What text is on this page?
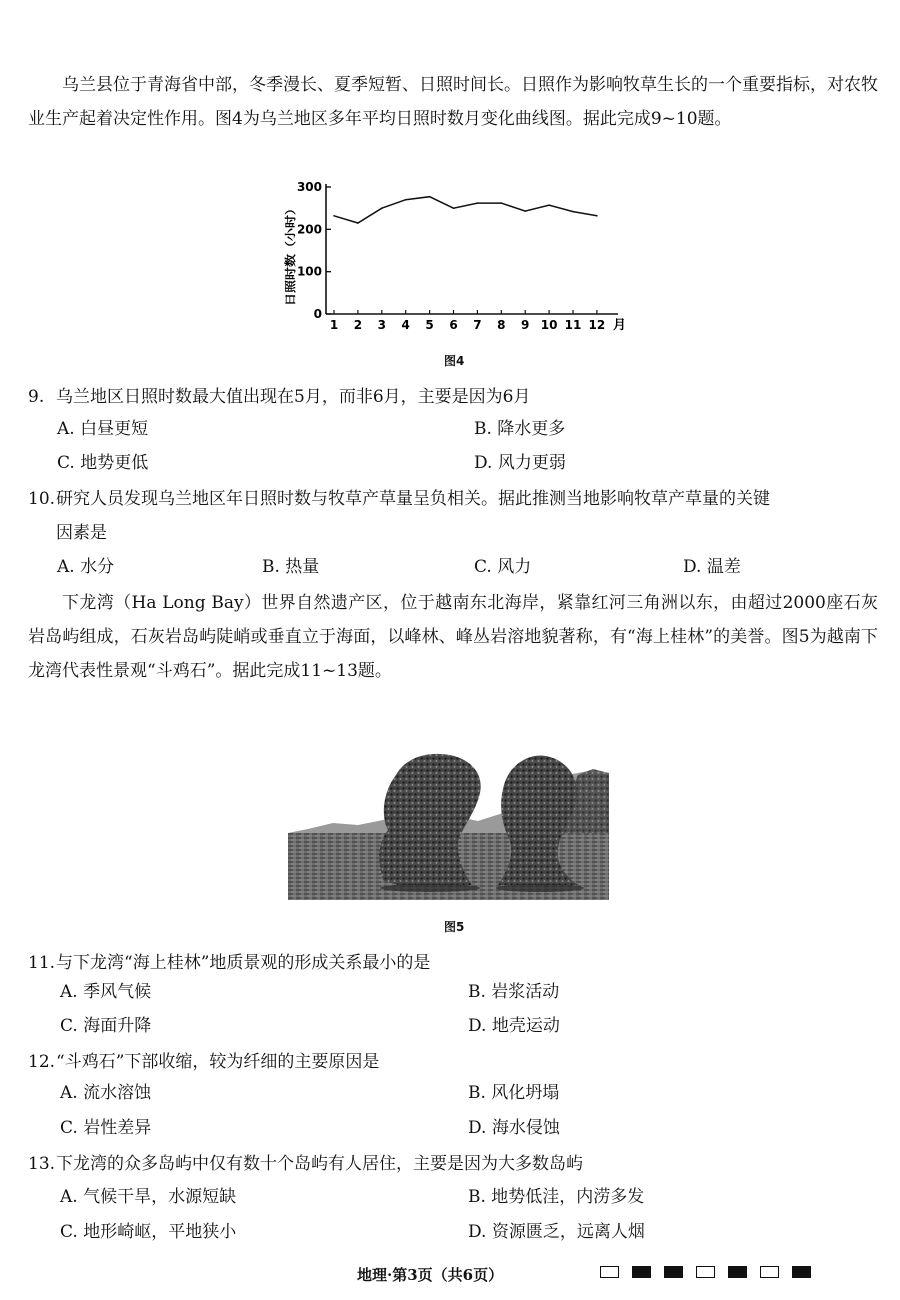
乌兰县位于青海省中部，冬季漫长、夏季短暂、日照时间长。日照作为影响牧草生长的一个重要指标，对农牧业生产起着决定性作用。图4为乌兰地区多年平均日照时数月变化曲线图。据此完成9~10题。

日照时数（小时）
0
100
200
300
1 2 3 4 5 6 7 8 9 10 11 12 月
图4

9. 乌兰地区日照时数最大值出现在5月，而非6月，主要是因为6月

A. 白昼更短	B. 降水更多

C. 地势更低	D. 风力更弱

10.研究人员发现乌兰地区年日照时数与牧草产草量呈负相关。据此推测当地影响牧草产草量的关键
因素是

A. 水分	B. 热量	C. 风力	D. 温差

下龙湾（Ha Long Bay）世界自然遗产区，位于越南东北海岸，紧靠红河三角洲以东，由超过2000座石灰岩岛屿组成，石灰岩岛屿陡峭或垂直立于海面，以峰林、峰丛岩溶地貌著称，有“海上桂林”的美誉。图5为越南下龙湾代表性景观“斗鸡石”。据此完成11~13题。

图5

11.与下龙湾“海上桂林”地质景观的形成关系最小的是

A. 季风气候	B. 岩浆活动

C. 海面升降	D. 地壳运动

12.“斗鸡石”下部收缩，较为纤细的主要原因是

A. 流水溶蚀	B. 风化坍塌

C. 岩性差异	D. 海水侵蚀

13.下龙湾的众多岛屿中仅有数十个岛屿有人居住，主要是因为大多数岛屿

A. 气候干旱，水源短缺	B. 地势低洼，内涝多发

C. 地形崎岖，平地狭小	D. 资源匮乏，远离人烟

地理·第3页（共6页）
